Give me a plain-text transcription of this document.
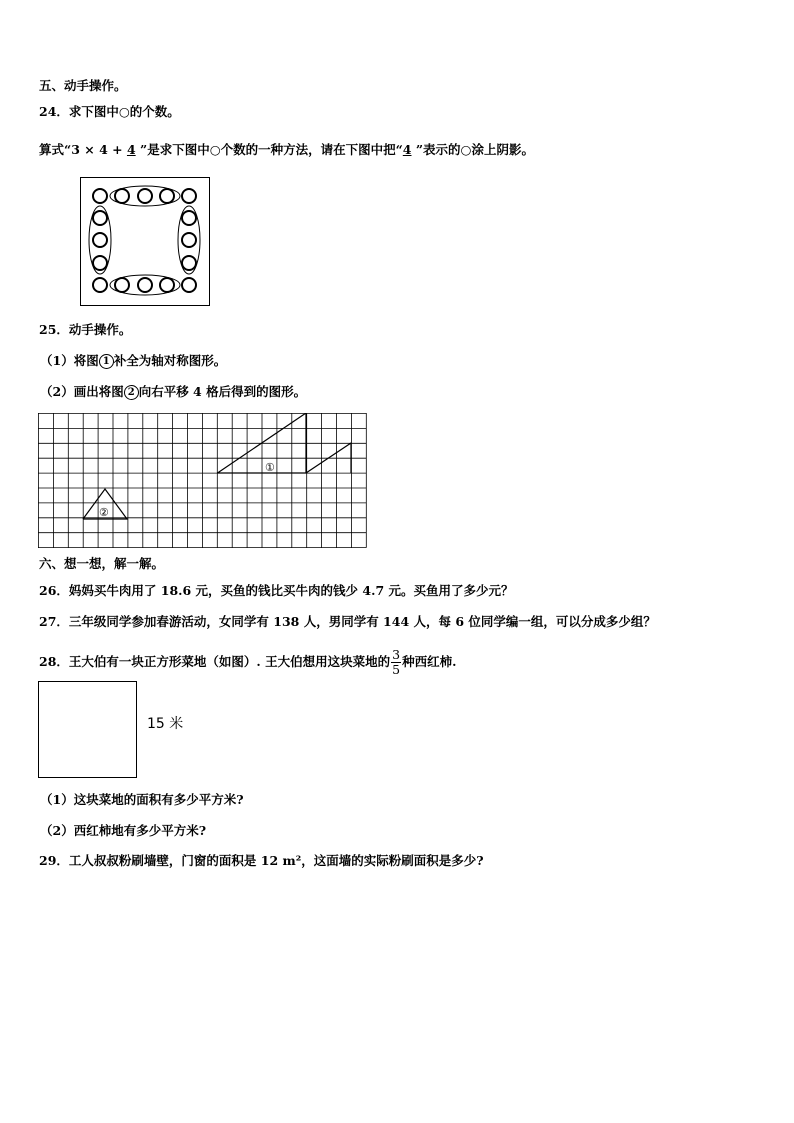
五、动手操作。
24．求下图中○的个数。
算式“3 × 4 + 4 ”是求下图中○个数的一种方法，请在下图中把“4 ”表示的○涂上阴影。
25．动手操作。
（1）将图 1 补全为轴对称图形。
（2）画出将图 2 向右平移 4 格后得到的图形。
①
②
六、想一想，解一解。
26．妈妈买牛肉用了 18.6 元，买鱼的钱比买牛肉的钱少 4.7 元。买鱼用了多少元？
27．三年级同学参加春游活动，女同学有 138 人，男同学有 144 人，每 6 位同学编一组，可以分成多少组？
28．王大伯有一块正方形菜地（如图）. 王大伯想用这块菜地的 $\frac{3}{5}$ 种西红柿.
15 米
（1）这块菜地的面积有多少平方米?
（2）西红柿地有多少平方米?
29．工人叔叔粉刷墙壁，门窗的面积是 12 m²，这面墙的实际粉刷面积是多少?
